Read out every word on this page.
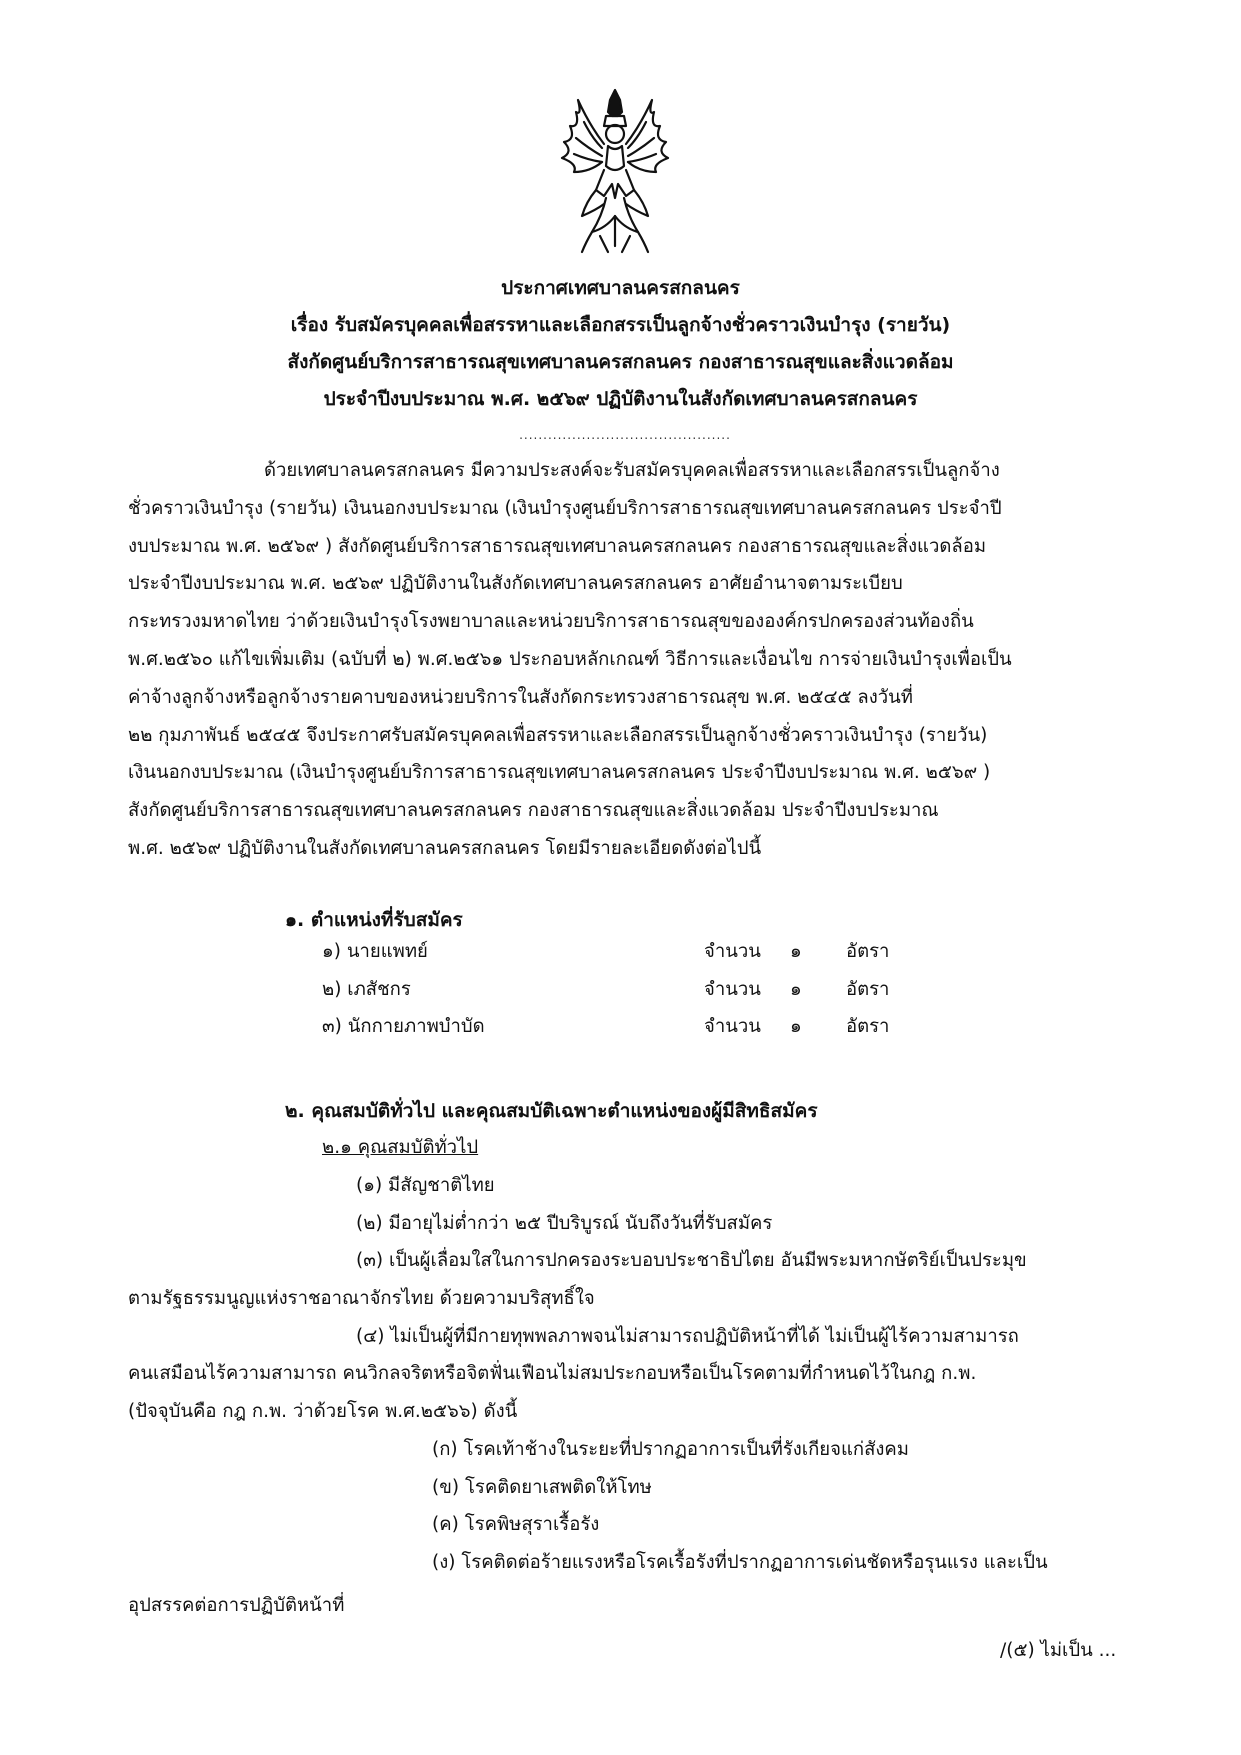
ประกาศเทศบาลนครสกลนคร
เรื่อง รับสมัครบุคคลเพื่อสรรหาและเลือกสรรเป็นลูกจ้างชั่วคราวเงินบำรุง (รายวัน)
สังกัดศูนย์บริการสาธารณสุขเทศบาลนครสกลนคร กองสาธารณสุขและสิ่งแวดล้อม
ประจำปีงบประมาณ พ.ศ. ๒๕๖๙ ปฏิบัติงานในสังกัดเทศบาลนครสกลนคร
............................................
ด้วยเทศบาลนครสกลนคร มีความประสงค์จะรับสมัครบุคคลเพื่อสรรหาและเลือกสรรเป็นลูกจ้าง
ชั่วคราวเงินบำรุง (รายวัน) เงินนอกงบประมาณ (เงินบำรุงศูนย์บริการสาธารณสุขเทศบาลนครสกลนคร ประจำปี
งบประมาณ พ.ศ. ๒๕๖๙ ) สังกัดศูนย์บริการสาธารณสุขเทศบาลนครสกลนคร กองสาธารณสุขและสิ่งแวดล้อม
ประจำปีงบประมาณ พ.ศ. ๒๕๖๙ ปฏิบัติงานในสังกัดเทศบาลนครสกลนคร อาศัยอำนาจตามระเบียบ
กระทรวงมหาดไทย ว่าด้วยเงินบำรุงโรงพยาบาลและหน่วยบริการสาธารณสุขขององค์กรปกครองส่วนท้องถิ่น
พ.ศ.๒๕๖๐ แก้ไขเพิ่มเติม (ฉบับที่ ๒) พ.ศ.๒๕๖๑ ประกอบหลักเกณฑ์ วิธีการและเงื่อนไข การจ่ายเงินบำรุงเพื่อเป็น
ค่าจ้างลูกจ้างหรือลูกจ้างรายคาบของหน่วยบริการในสังกัดกระทรวงสาธารณสุข พ.ศ. ๒๕๔๕ ลงวันที่
๒๒ กุมภาพันธ์ ๒๕๔๕ จึงประกาศรับสมัครบุคคลเพื่อสรรหาและเลือกสรรเป็นลูกจ้างชั่วคราวเงินบำรุง (รายวัน)
เงินนอกงบประมาณ (เงินบำรุงศูนย์บริการสาธารณสุขเทศบาลนครสกลนคร ประจำปีงบประมาณ พ.ศ. ๒๕๖๙ )
สังกัดศูนย์บริการสาธารณสุขเทศบาลนครสกลนคร กองสาธารณสุขและสิ่งแวดล้อม ประจำปีงบประมาณ
พ.ศ. ๒๕๖๙ ปฏิบัติงานในสังกัดเทศบาลนครสกลนคร โดยมีรายละเอียดดังต่อไปนี้
๑. ตำแหน่งที่รับสมัคร
๑) นายแพทย์	จำนวน ๑ อัตรา
๒) เภสัชกร	จำนวน ๑ อัตรา
๓) นักกายภาพบำบัด	จำนวน ๑ อัตรา
๒. คุณสมบัติทั่วไป และคุณสมบัติเฉพาะตำแหน่งของผู้มีสิทธิสมัคร
๒.๑ คุณสมบัติทั่วไป
(๑) มีสัญชาติไทย
(๒) มีอายุไม่ต่ำกว่า ๒๕ ปีบริบูรณ์ นับถึงวันที่รับสมัคร
(๓) เป็นผู้เลื่อมใสในการปกครองระบอบประชาธิปไตย อันมีพระมหากษัตริย์เป็นประมุข
ตามรัฐธรรมนูญแห่งราชอาณาจักรไทย ด้วยความบริสุทธิ์ใจ
(๔) ไม่เป็นผู้ที่มีกายทุพพลภาพจนไม่สามารถปฏิบัติหน้าที่ได้ ไม่เป็นผู้ไร้ความสามารถ
คนเสมือนไร้ความสามารถ คนวิกลจริตหรือจิตฟั่นเฟือนไม่สมประกอบหรือเป็นโรคตามที่กำหนดไว้ในกฎ ก.พ.
(ปัจจุบันคือ กฎ ก.พ. ว่าด้วยโรค พ.ศ.๒๕๖๖) ดังนี้
(ก) โรคเท้าช้างในระยะที่ปรากฏอาการเป็นที่รังเกียจแก่สังคม
(ข) โรคติดยาเสพติดให้โทษ
(ค) โรคพิษสุราเรื้อรัง
(ง) โรคติดต่อร้ายแรงหรือโรคเรื้อรังที่ปรากฏอาการเด่นชัดหรือรุนแรง และเป็น
อุปสรรคต่อการปฏิบัติหน้าที่
/(๕) ไม่เป็น ...
